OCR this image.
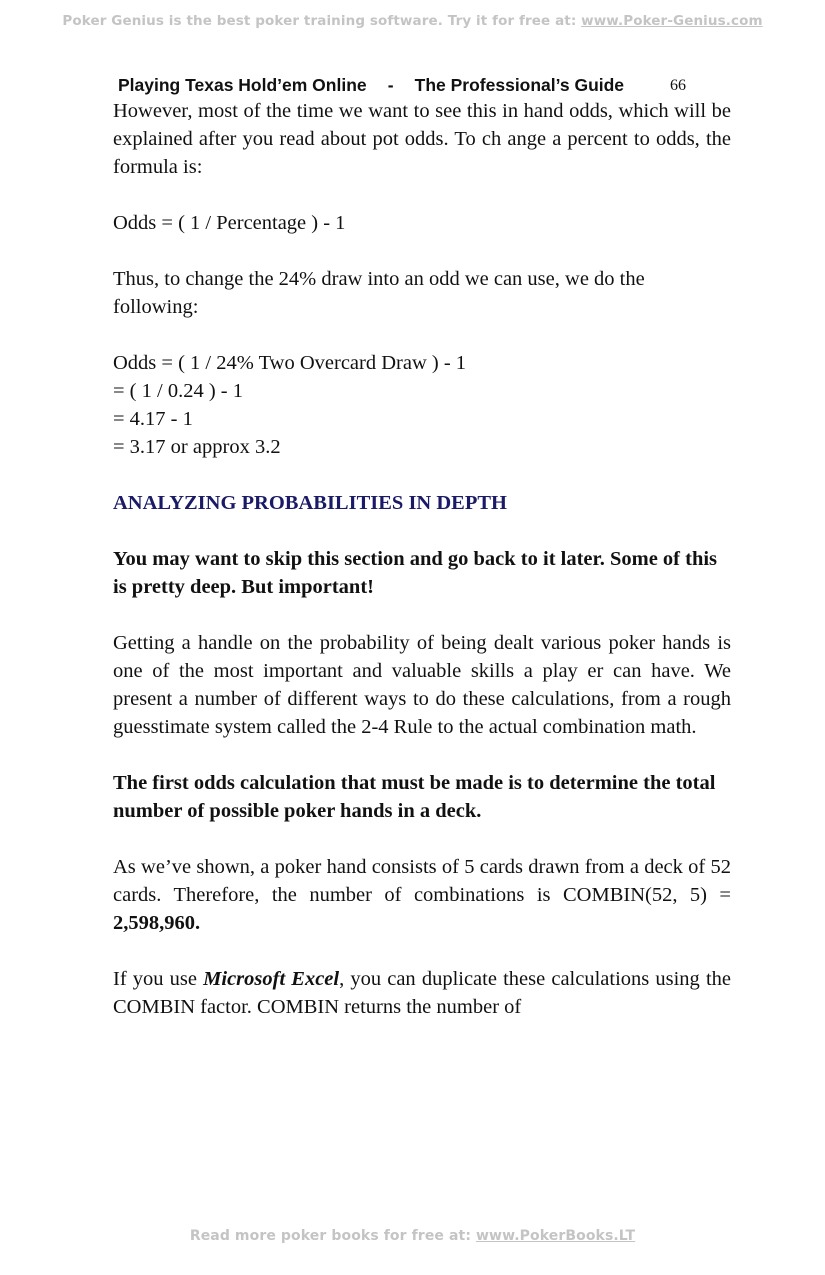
Poker Genius is the best poker training software. Try it for free at: www.Poker-Genius.com
Playing Texas Hold’em Online - The Professional’s Guide	66

However, most of the time we want to see this in hand odds, which will be explained after you read about pot odds. To ch ange a percent to odds, the formula is:

Odds = ( 1 / Percentage ) - 1

Thus, to change the 24% draw into an odd we can use, we do the following:

Odds = ( 1 / 24% Two Overcard Draw ) - 1

= ( 1 / 0.24 ) - 1

= 4.17 - 1

= 3.17 or approx 3.2

ANALYZING PROBABILITIES IN DEPTH

You may want to skip this section and go back to it later. Some of this is pretty deep. But important!

Getting a handle on the probability of being dealt various poker hands is one of the most important and valuable skills a play er can have. We present a number of different ways to do these calculations, from a rough guesstimate system called the 2-4 Rule to the actual combination math.

The first odds calculation that must be made is to determine the total number of possible poker hands in a deck.

As we’ve shown, a poker hand consists of 5 cards drawn from a deck of 52 cards. Therefore, the number of combinations is COMBIN(52, 5) = 2,598,960.

If you use Microsoft Excel, you can duplicate these calculations using the COMBIN factor. COMBIN returns the number of

Read more poker books for free at: www.PokerBooks.LT
